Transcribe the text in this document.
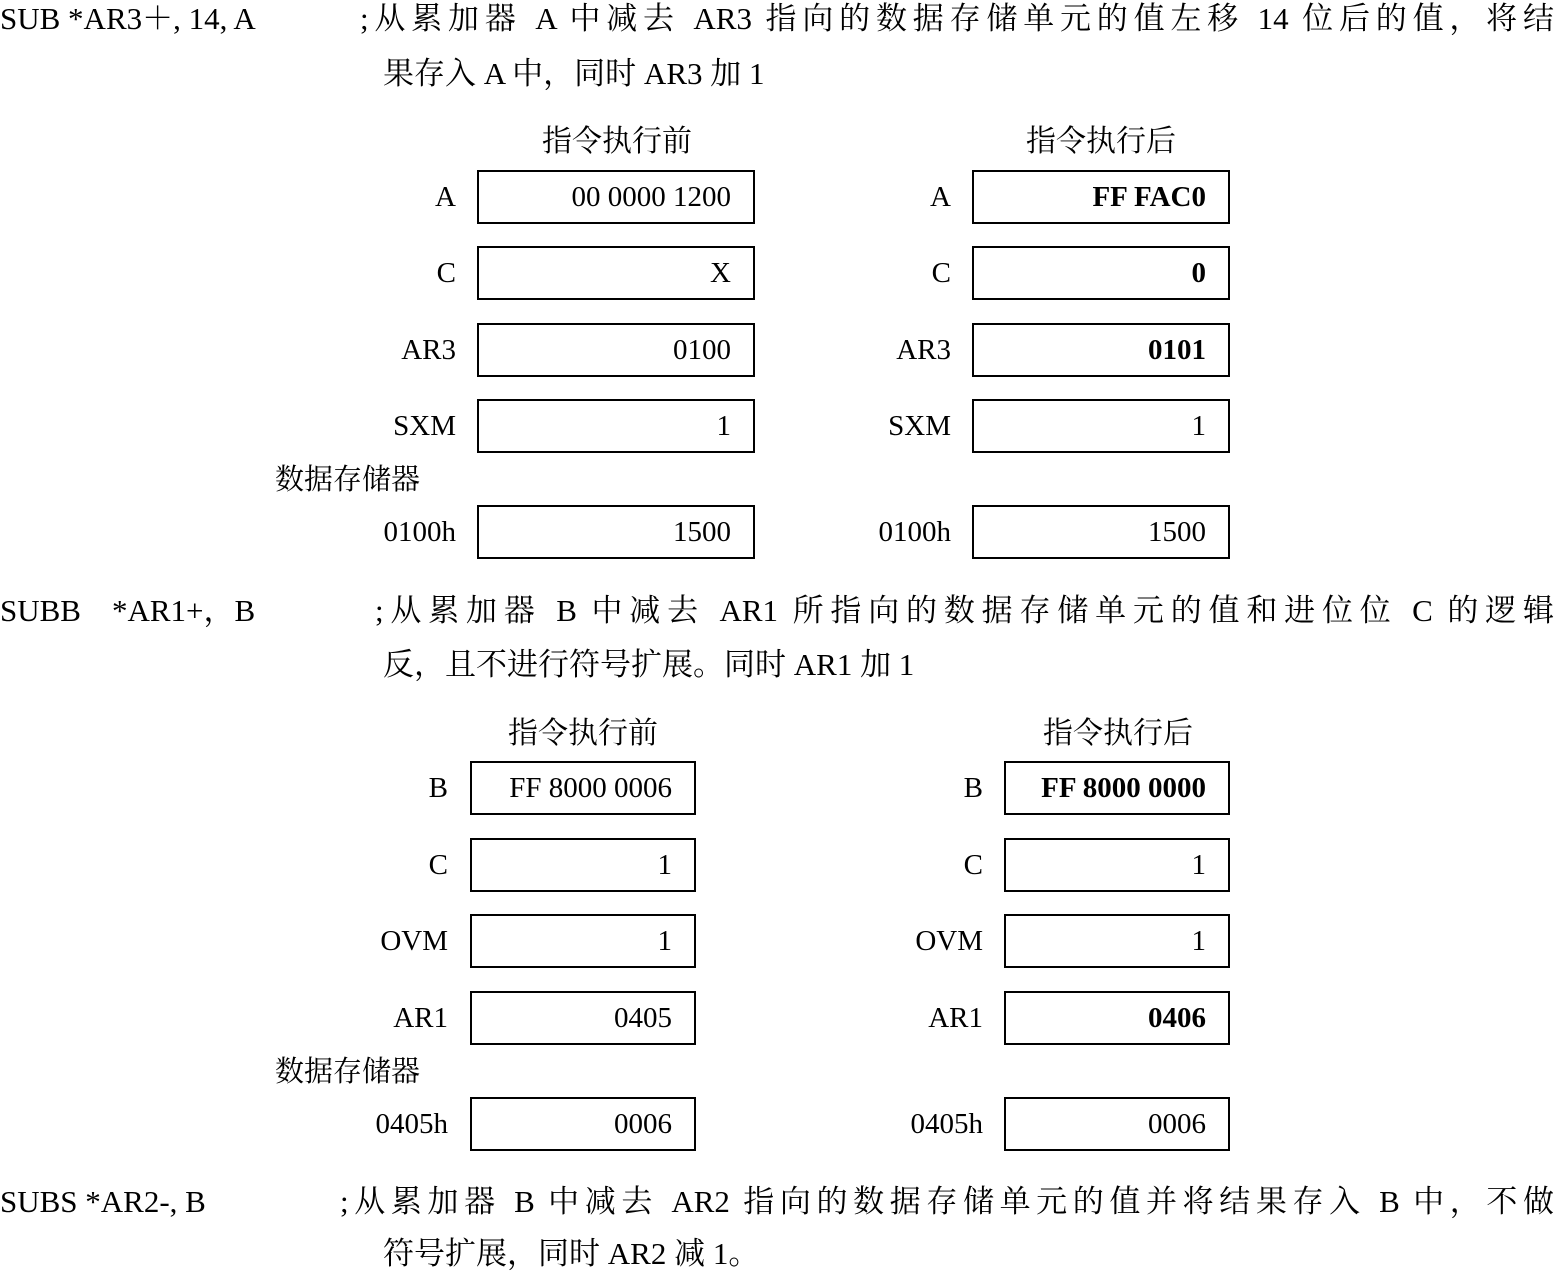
SUB *AR3＋, 14, A	;从累加器 A 中减去 AR3 指向的数据存储单元的值左移 14 位后的值，将结
果存入 A 中，同时 AR3 加 1
指令执行前	指令执行后
A	00 0000 1200	A	FF FAC0
C	X	C	0
AR3	0100	AR3	0101
SXM	1	SXM	1
数据存储器
0100h	1500	0100h	1500
SUBB　*AR1+，B	;从累加器 B 中减去 AR1 所指向的数据存储单元的值和进位位 C 的逻辑
反，且不进行符号扩展。同时 AR1 加 1
指令执行前	指令执行后
B	FF 8000 0006	B	FF 8000 0000
C	1	C	1
OVM	1	OVM	1
AR1	0405	AR1	0406
数据存储器
0405h	0006	0405h	0006
SUBS *AR2-, B	;从累加器 B 中减去 AR2 指向的数据存储单元的值并将结果存入 B 中，不做
符号扩展，同时 AR2 减 1。
